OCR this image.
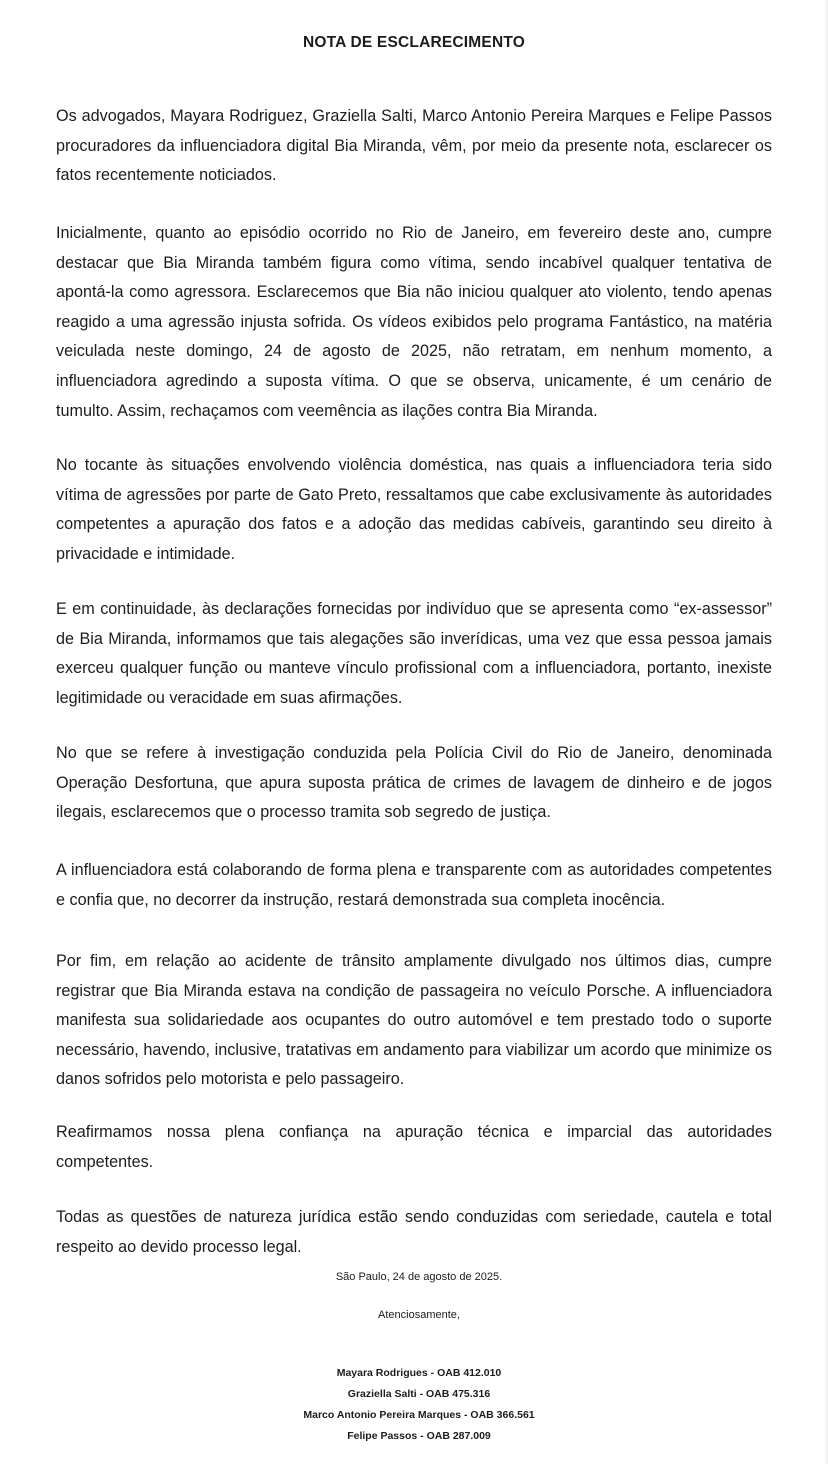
NOTA DE ESCLARECIMENTO

Os advogados, Mayara Rodriguez, Graziella Salti, Marco Antonio Pereira Marques e Felipe Passos procuradores da influenciadora digital Bia Miranda, vêm, por meio da presente nota, esclarecer os fatos recentemente noticiados.

Inicialmente, quanto ao episódio ocorrido no Rio de Janeiro, em fevereiro deste ano, cumpre destacar que Bia Miranda também figura como vítima, sendo incabível qualquer tentativa de apontá-la como agressora. Esclarecemos que Bia não iniciou qualquer ato violento, tendo apenas reagido a uma agressão injusta sofrida. Os vídeos exibidos pelo programa Fantástico, na matéria veiculada neste domingo, 24 de agosto de 2025, não retratam, em nenhum momento, a influenciadora agredindo a suposta vítima. O que se observa, unicamente, é um cenário de tumulto. Assim, rechaçamos com veemência as ilações contra Bia Miranda.

No tocante às situações envolvendo violência doméstica, nas quais a influenciadora teria sido vítima de agressões por parte de Gato Preto, ressaltamos que cabe exclusivamente às autoridades competentes a apuração dos fatos e a adoção das medidas cabíveis, garantindo seu direito à privacidade e intimidade.

E em continuidade, às declarações fornecidas por indivíduo que se apresenta como “ex-assessor” de Bia Miranda, informamos que tais alegações são inverídicas, uma vez que essa pessoa jamais exerceu qualquer função ou manteve vínculo profissional com a influenciadora, portanto, inexiste legitimidade ou veracidade em suas afirmações.

No que se refere à investigação conduzida pela Polícia Civil do Rio de Janeiro, denominada Operação Desfortuna, que apura suposta prática de crimes de lavagem de dinheiro e de jogos ilegais, esclarecemos que o processo tramita sob segredo de justiça.

A influenciadora está colaborando de forma plena e transparente com as autoridades competentes e confia que, no decorrer da instrução, restará demonstrada sua completa inocência.

Por fim, em relação ao acidente de trânsito amplamente divulgado nos últimos dias, cumpre registrar que Bia Miranda estava na condição de passageira no veículo Porsche. A influenciadora manifesta sua solidariedade aos ocupantes do outro automóvel e tem prestado todo o suporte necessário, havendo, inclusive, tratativas em andamento para viabilizar um acordo que minimize os danos sofridos pelo motorista e pelo passageiro.

Reafirmamos nossa plena confiança na apuração técnica e imparcial das autoridades competentes.

Todas as questões de natureza jurídica estão sendo conduzidas com seriedade, cautela e total respeito ao devido processo legal.

São Paulo, 24 de agosto de 2025.
Atenciosamente,
Mayara Rodrigues - OAB 412.010
Graziella Salti - OAB 475.316
Marco Antonio Pereira Marques - OAB 366.561
Felipe Passos - OAB 287.009
